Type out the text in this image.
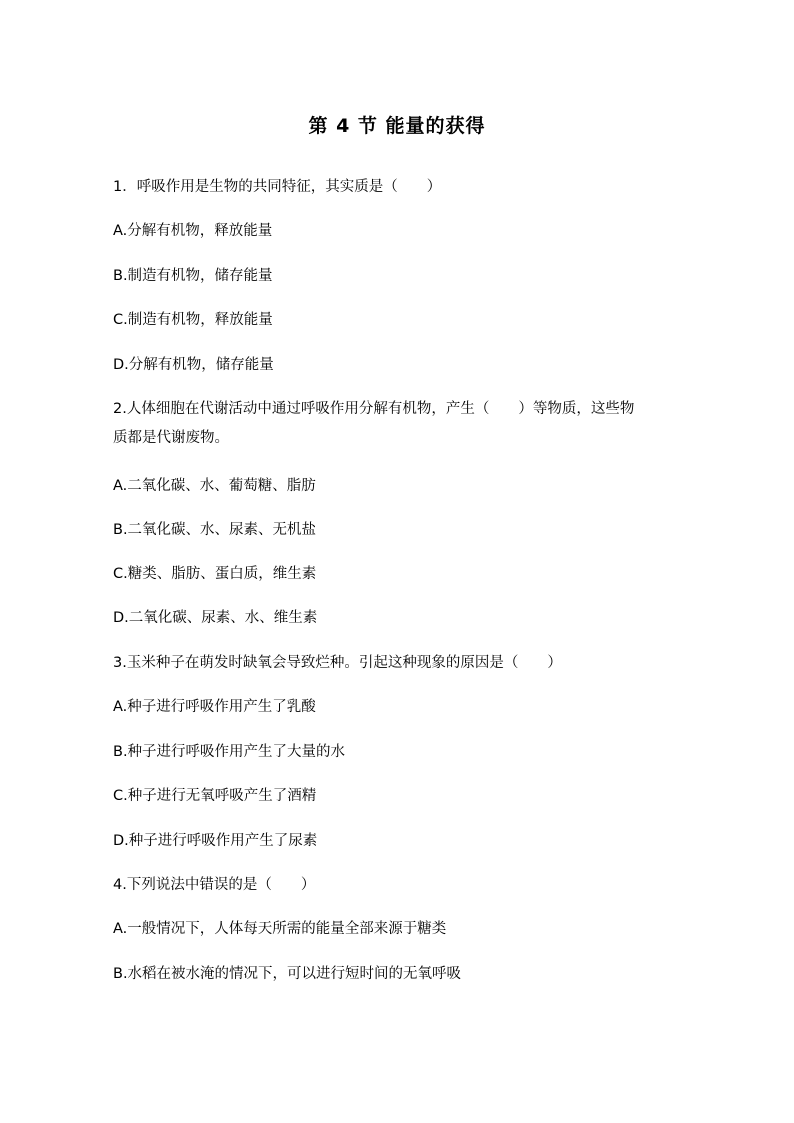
第 4 节 能量的获得
1．呼吸作用是生物的共同特征，其实质是（　　）
A.分解有机物，释放能量
B.制造有机物，储存能量
C.制造有机物，释放能量
D.分解有机物，储存能量
2.人体细胞在代谢活动中通过呼吸作用分解有机物，产生（　　）等物质，这些物
质都是代谢废物。
A.二氧化碳、水、葡萄糖、脂肪
B.二氧化碳、水、尿素、无机盐
C.糖类、脂肪、蛋白质，维生素
D.二氧化碳、尿素、水、维生素
3.玉米种子在萌发时缺氧会导致烂种。引起这种现象的原因是（　　）
A.种子进行呼吸作用产生了乳酸
B.种子进行呼吸作用产生了大量的水
C.种子进行无氧呼吸产生了酒精
D.种子进行呼吸作用产生了尿素
4.下列说法中错误的是（　　）
A.一般情况下，人体每天所需的能量全部来源于糖类
B.水稻在被水淹的情况下，可以进行短时间的无氧呼吸
